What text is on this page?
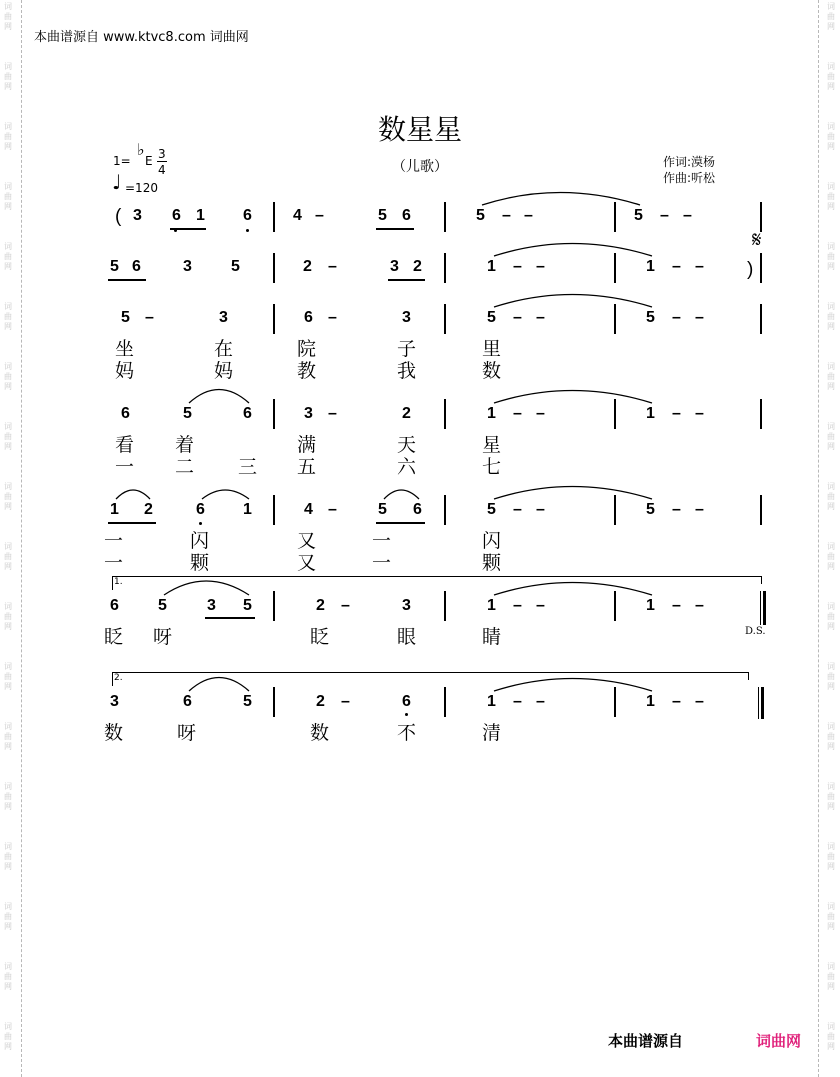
词
曲
网
词
曲
网
词
曲
网
词
曲
网
词
曲
网
词
曲
网
词
曲
网
词
曲
网
词
曲
网
词
曲
网
词
曲
网
词
曲
网
词
曲
网
词
曲
网
词
曲
网
词
曲
网
词
曲
网
词
曲
网
词
曲
网
词
曲
网
词
曲
网
词
曲
网
词
曲
网
词
曲
网
词
曲
网
词
曲
网
词
曲
网
词
曲
网
词
曲
网
词
曲
网
词
曲
网
词
曲
网
词
曲
网
词
曲
网
词
曲
网
词
曲
网
本曲谱源自 www.ktvc8.com 词曲网
数星星
（儿歌）
1=
♭
E 3
4
♩ =120
作词:漠杨
作曲:听松
( 3 6 1 6	4 –	5 6	5 – –	5 – –
𝄋
5 6	3 5	2 –	3 2	1 – –	1 – – )
5 –	3	6 –	3	5 – –	5 – –
坐	在	院	子	里
妈	妈	教	我	数
6	5	6	3 –	2	1 – –	1 – –
看 着	满	天	星
一 二 三 五	六	七
1 2	6 1	4 –	5 6	5 – –	5 – –
一	闪	又	一	闪
一	颗	又	一	颗
1.
6 5	3 5	2 –	3	1 – –	1 – –
D.S.
眨 呀	眨	眼	睛
2.
3	6	5	2 –	6	1 – –	1 – –
数	呀	数	不	清
本曲谱源自	词曲网
